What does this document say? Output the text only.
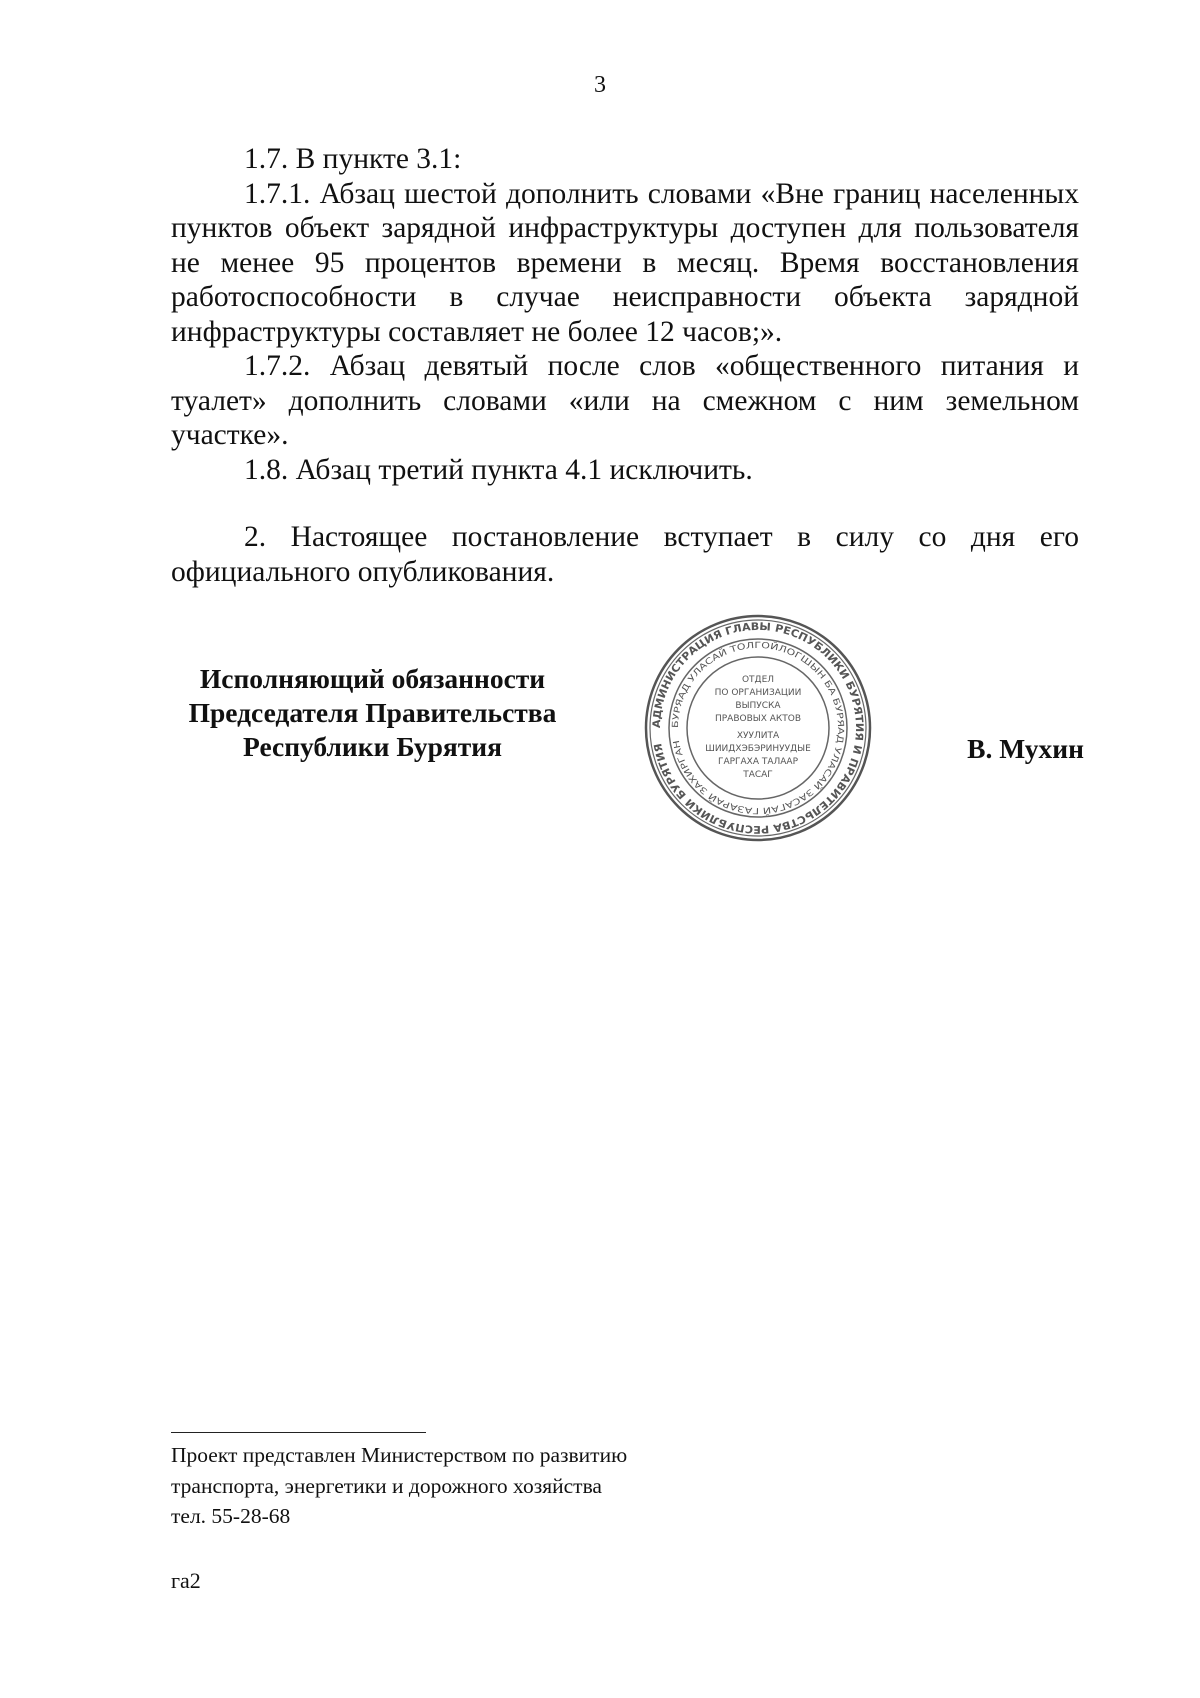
3

1.7. В пункте 3.1:

1.7.1. Абзац шестой дополнить словами «Вне границ населенных пунктов объект зарядной инфраструктуры доступен для пользователя не менее 95 процентов времени в месяц. Время восстановления работоспособности в случае неисправности объекта зарядной инфраструктуры составляет не более 12 часов;».

1.7.2. Абзац девятый после слов «общественного питания и туалет» дополнить словами «или на смежном с ним земельном участке».

1.8. Абзац третий пункта 4.1 исключить.

2. Настоящее постановление вступает в силу со дня его официального опубликования.

Исполняющий обязанности
Председателя Правительства
Республики Бурятия
АДМИНИСТРАЦИЯ ГЛАВЫ РЕСПУБЛИКИ БУРЯТИЯ И ПРАВИТЕЛЬСТВА РЕСПУБЛИКИ БУРЯТИЯ
БУРЯАД УЛАСАЙ ТОЛГОЙЛОГШЫН БА БУРЯАД УЛАСАЙ ЗАСАГАЙ ГАЗАРАЙ ЗАХИРГАН
ОТДЕЛ
ПО ОРГАНИЗАЦИИ
ВЫПУСКА
ПРАВОВЫХ АКТОВ
ХУУЛИТА
ШИИДХЭБЭРИНУУДЫЕ
ГАРГАХА ТАЛААР
ТАСАГ
В. Мухин
Проект представлен Министерством по развитию
транспорта, энергетики и дорожного хозяйства
тел. 55-28-68
га2
